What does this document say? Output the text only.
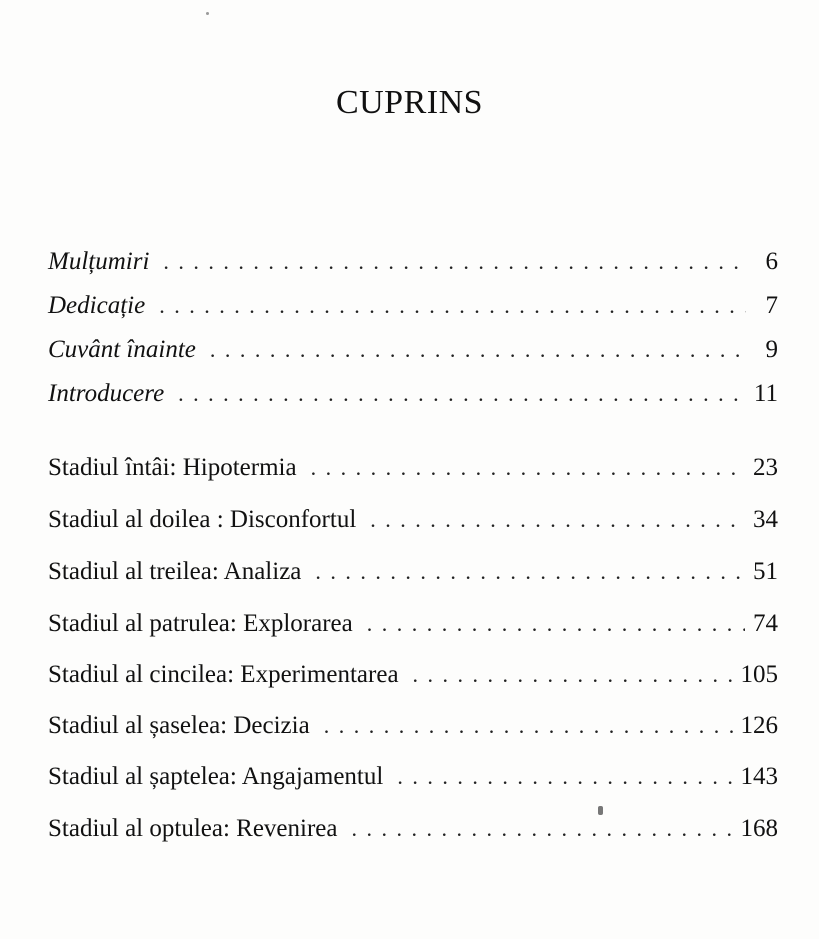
CUPRINS
Mulțumiri . . .	6
Dedicație . . .	7
Cuvânt înainte . . .	9
Introducere . . .	11
Stadiul întâi: Hipotermia . . .	23
Stadiul al doilea : Disconfortul . . .	34
Stadiul al treilea: Analiza . . .	51
Stadiul al patrulea: Explorarea . . .	74
Stadiul al cincilea: Experimentarea . . .	105
Stadiul al șaselea: Decizia . . .	126
Stadiul al șaptelea: Angajamentul . . .	143
Stadiul al optulea: Revenirea . . .	168
